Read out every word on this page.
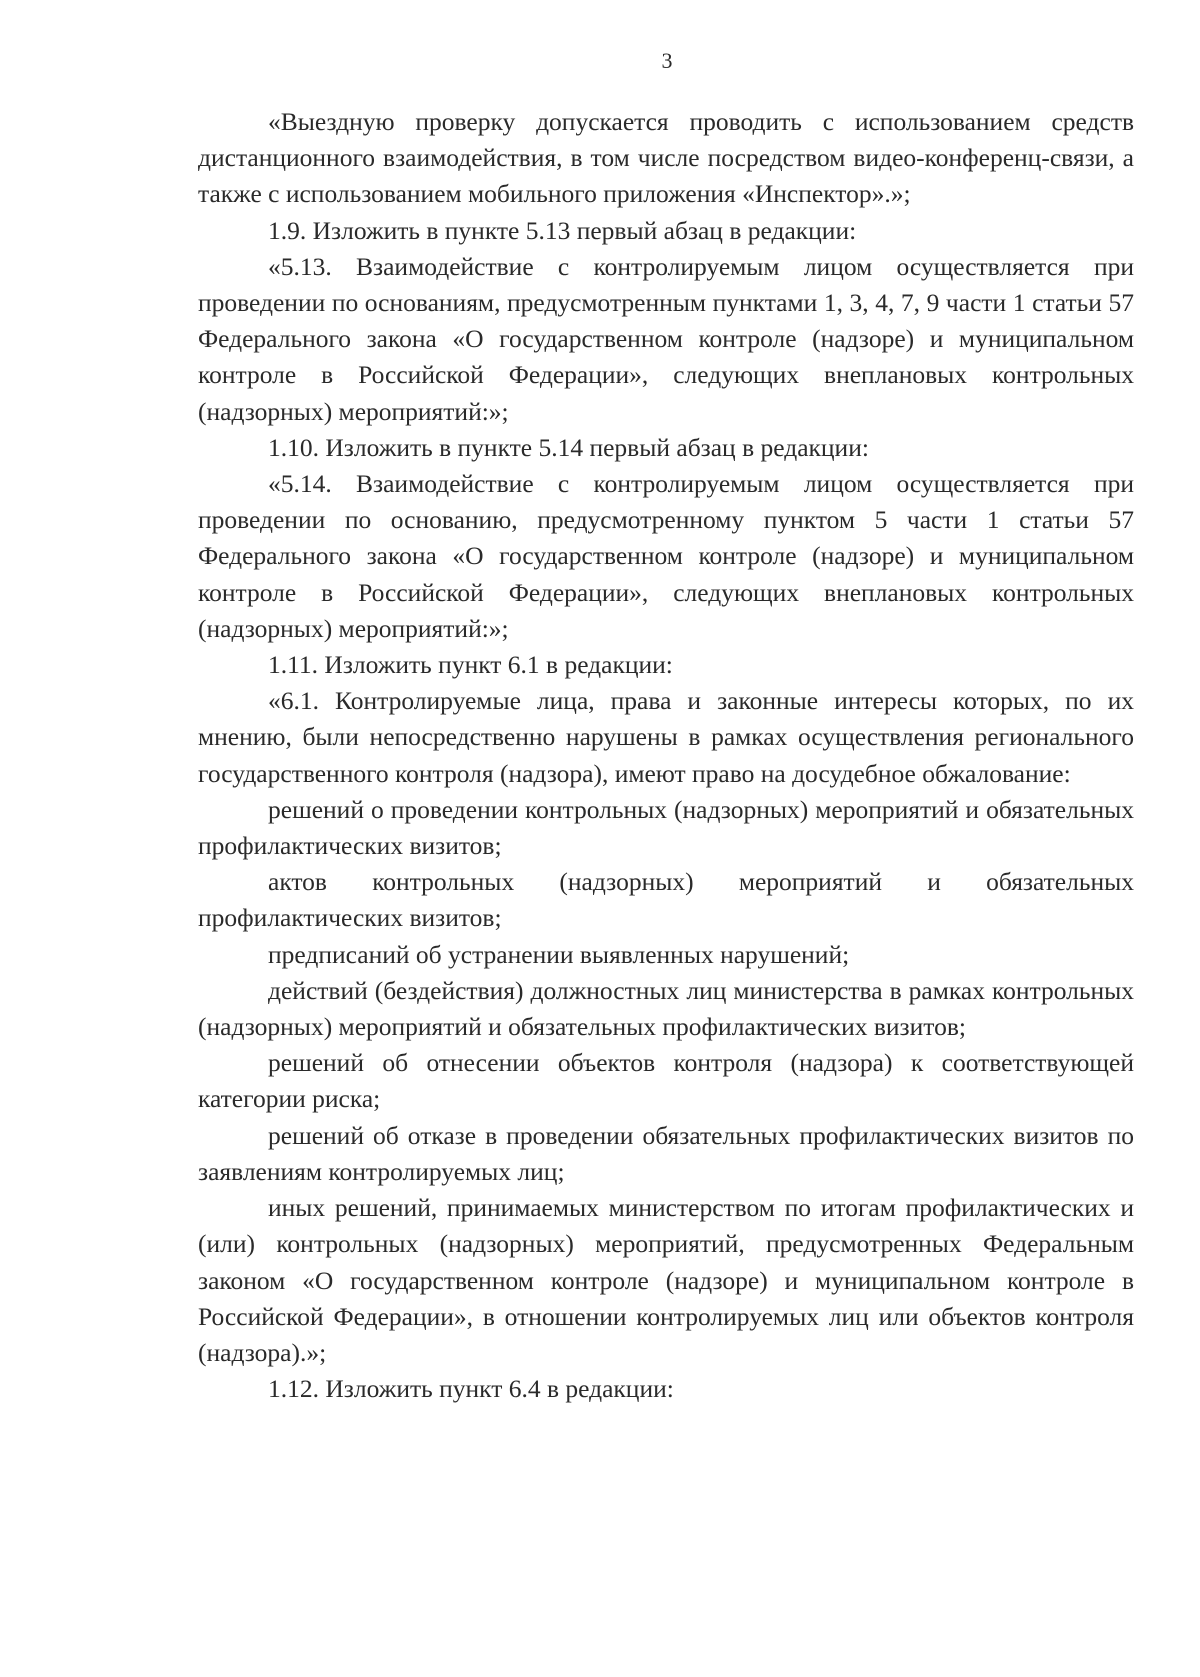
3

«Выездную проверку допускается проводить с использованием средств дистанционного взаимодействия, в том числе посредством видео-конференц-связи, а также с использованием мобильного приложения «Инспектор».»;

1.9. Изложить в пункте 5.13 первый абзац в редакции:

«5.13. Взаимодействие с контролируемым лицом осуществляется при проведении по основаниям, предусмотренным пунктами 1, 3, 4, 7, 9 части 1 статьи 57 Федерального закона «О государственном контроле (надзоре) и муниципальном контроле в Российской Федерации», следующих внеплановых контрольных (надзорных) мероприятий:»;

1.10. Изложить в пункте 5.14 первый абзац в редакции:

«5.14. Взаимодействие с контролируемым лицом осуществляется при проведении по основанию, предусмотренному пунктом 5 части 1 статьи 57 Федерального закона «О государственном контроле (надзоре) и муниципальном контроле в Российской Федерации», следующих внеплановых контрольных (надзорных) мероприятий:»;

1.11. Изложить пункт 6.1 в редакции:

«6.1. Контролируемые лица, права и законные интересы которых, по их мнению, были непосредственно нарушены в рамках осуществления регионального государственного контроля (надзора), имеют право на досудебное обжалование:

решений о проведении контрольных (надзорных) мероприятий и обязательных профилактических визитов;

актов контрольных (надзорных) мероприятий и обязательных профилактических визитов;

предписаний об устранении выявленных нарушений;

действий (бездействия) должностных лиц министерства в рамках контрольных (надзорных) мероприятий и обязательных профилактических визитов;

решений об отнесении объектов контроля (надзора) к соответствующей категории риска;

решений об отказе в проведении обязательных профилактических визитов по заявлениям контролируемых лиц;

иных решений, принимаемых министерством по итогам профилактических и (или) контрольных (надзорных) мероприятий, предусмотренных Федеральным законом «О государственном контроле (надзоре) и муниципальном контроле в Российской Федерации», в отношении контролируемых лиц или объектов контроля (надзора).»;

1.12. Изложить пункт 6.4 в редакции:
